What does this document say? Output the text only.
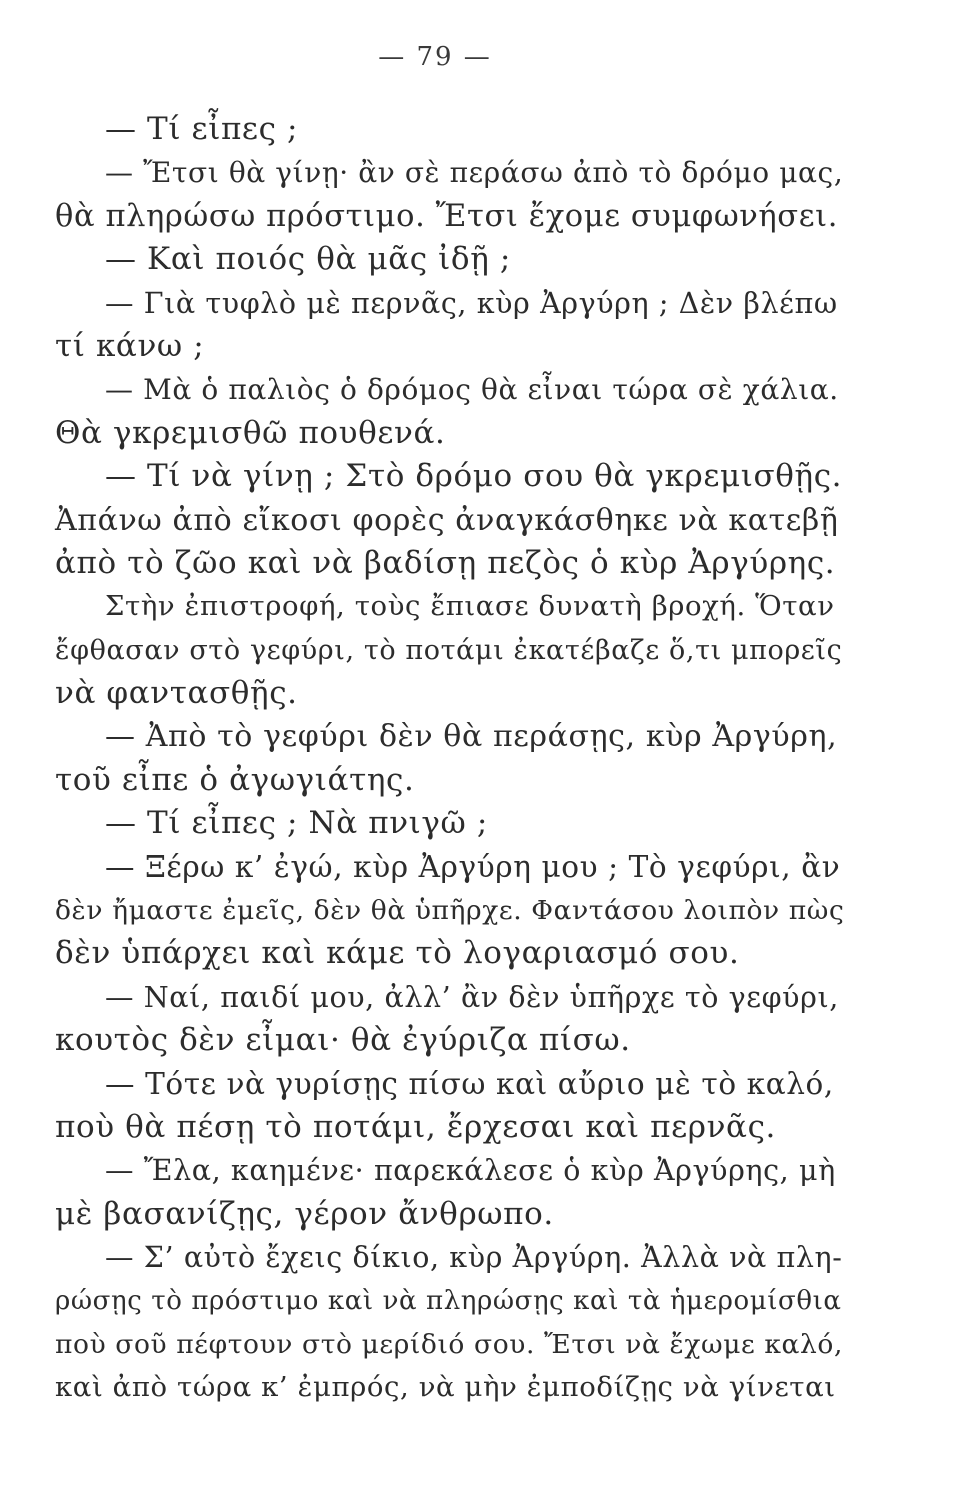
— 79 —
— Τί εἶπες ;
— Ἔτσι θὰ γίνῃ· ἂν σὲ περάσω ἀπὸ τὸ δρόμο μας,
θὰ πληρώσω πρόστιμο. Ἔτσι ἔχομε συμφωνήσει.
— Καὶ ποιός θὰ μᾶς ἰδῇ ;
— Γιὰ τυφλὸ μὲ περνᾶς, κὺρ Ἀργύρη ; Δὲν βλέπω
τί κάνω ;
— Μὰ ὁ παλιὸς ὁ δρόμος θὰ εἶναι τώρα σὲ χάλια.
Θὰ γκρεμισθῶ πουθενά.
— Τί νὰ γίνῃ ; Στὸ δρόμο σου θὰ γκρεμισθῇς.
Ἀπάνω ἀπὸ εἴκοσι φορὲς ἀναγκάσθηκε νὰ κατεβῇ
ἀπὸ τὸ ζῶο καὶ νὰ βαδίσῃ πεζὸς ὁ κὺρ Ἀργύρης.
Στὴν ἐπιστροφή, τοὺς ἔπιασε δυνατὴ βροχή. Ὅταν
ἔφθασαν στὸ γεφύρι, τὸ ποτάμι ἐκατέβαζε ὅ,τι μπορεῖς
νὰ φαντασθῇς.
— Ἀπὸ τὸ γεφύρι δὲν θὰ περάσῃς, κὺρ Ἀργύρη,
τοῦ εἶπε ὁ ἀγωγιάτης.
— Τί εἶπες ; Νὰ πνιγῶ ;
— Ξέρω κ’ ἐγώ, κὺρ Ἀργύρη μου ; Τὸ γεφύρι, ἂν
δὲν ἤμαστε ἐμεῖς, δὲν θὰ ὑπῆρχε. Φαντάσου λοιπὸν πὼς
δὲν ὑπάρχει καὶ κάμε τὸ λογαριασμό σου.
— Ναί, παιδί μου, ἀλλ’ ἂν δὲν ὑπῆρχε τὸ γεφύρι,
κουτὸς δὲν εἶμαι· θὰ ἐγύριζα πίσω.
— Τότε νὰ γυρίσῃς πίσω καὶ αὔριο μὲ τὸ καλό,
ποὺ θὰ πέσῃ τὸ ποτάμι, ἔρχεσαι καὶ περνᾶς.
— Ἔλα, καημένε· παρεκάλεσε ὁ κὺρ Ἀργύρης, μὴ
μὲ βασανίζῃς, γέρον ἄνθρωπο.
— Σ’ αὐτὸ ἔχεις δίκιο, κὺρ Ἀργύρη. Ἀλλὰ νὰ πλη-
ρώσῃς τὸ πρόστιμο καὶ νὰ πληρώσῃς καὶ τὰ ἡμερομίσθια
ποὺ σοῦ πέφτουν στὸ μερίδιό σου. Ἔτσι νὰ ἔχωμε καλό,
καὶ ἀπὸ τώρα κ’ ἐμπρός, νὰ μὴν ἐμποδίζῃς νὰ γίνεται
